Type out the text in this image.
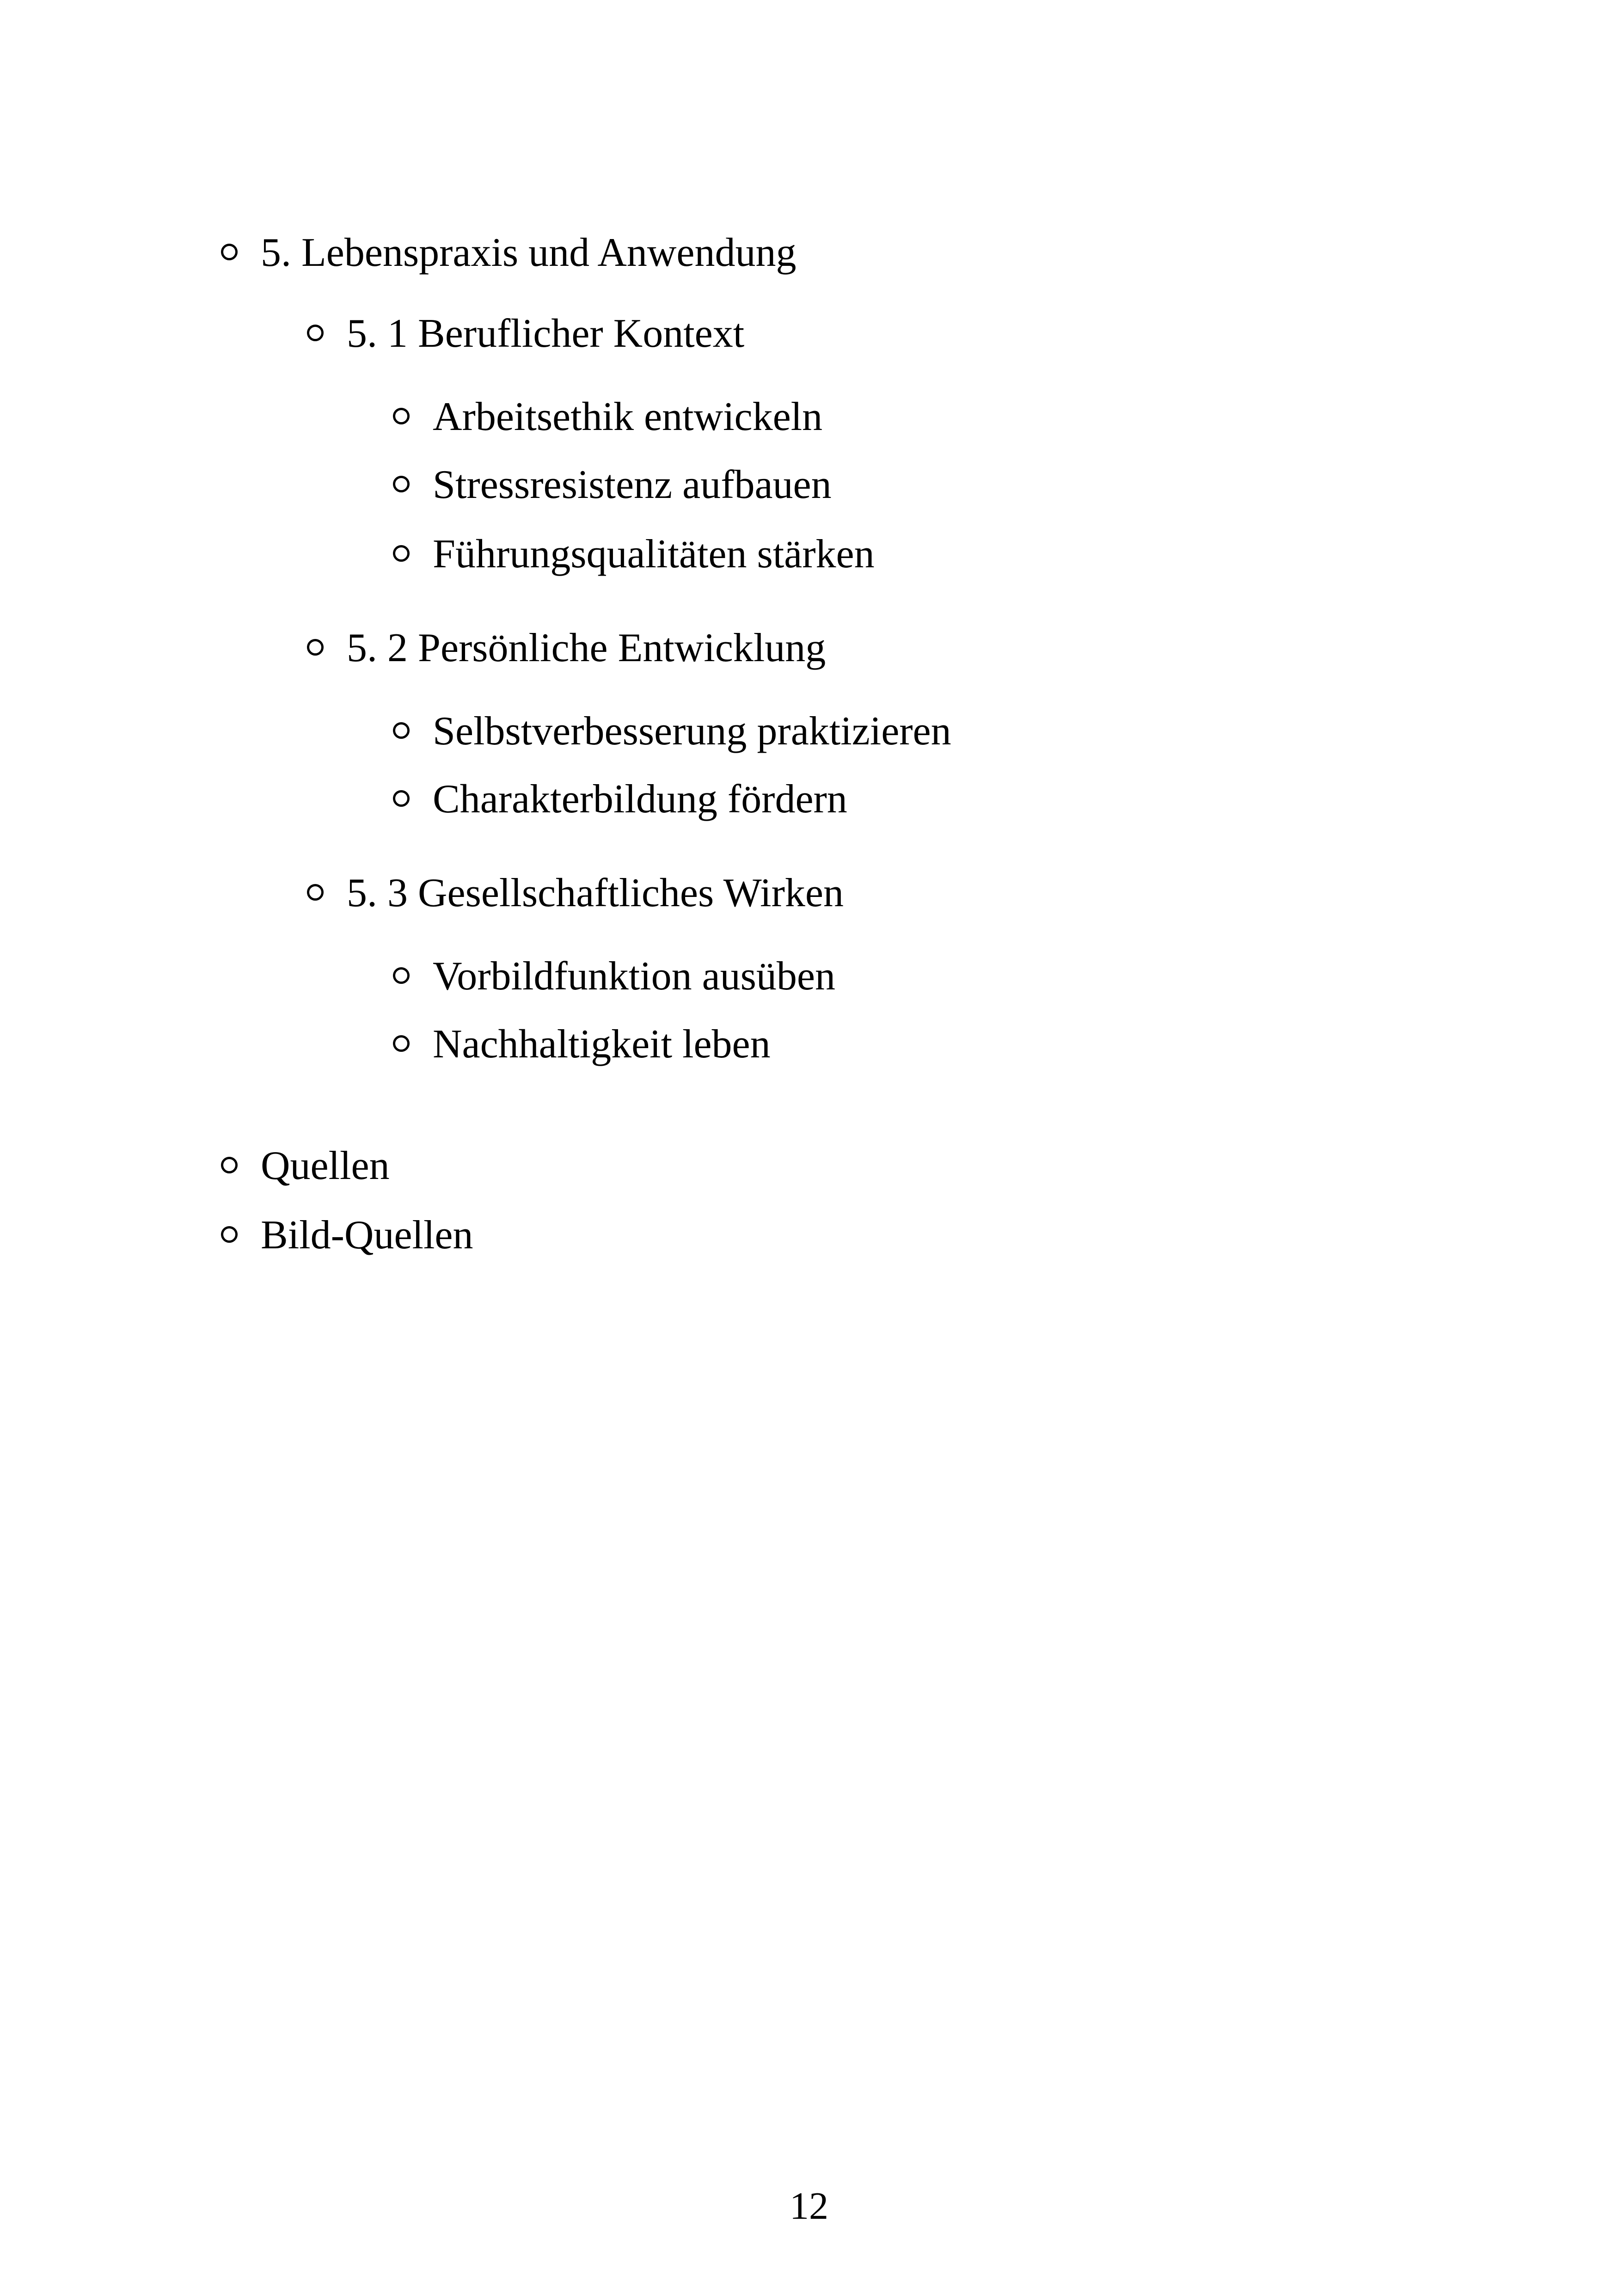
5. Lebenspraxis und Anwendung
5. 1 Beruflicher Kontext
Arbeitsethik entwickeln
Stressresistenz aufbauen
Führungsqualitäten stärken
5. 2 Persönliche Entwicklung
Selbstverbesserung praktizieren
Charakterbildung fördern
5. 3 Gesellschaftliches Wirken
Vorbildfunktion ausüben
Nachhaltigkeit leben
Quellen
Bild-Quellen
12
